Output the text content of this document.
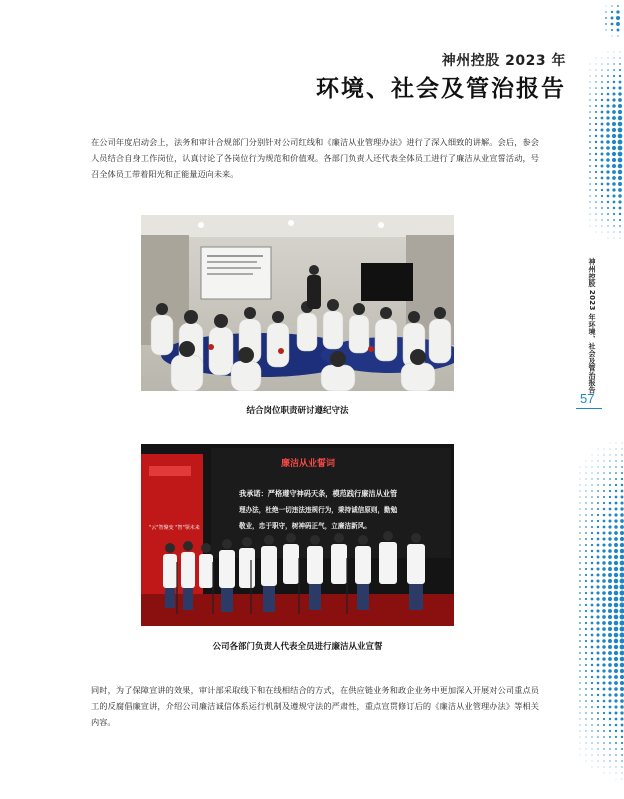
神州控股 2023 年
环境、社会及管治报告

在公司年度启动会上，法务和审计合规部门分别针对公司红线和《廉洁从业管理办法》进行了深入细致的讲解。会后，参会人员结合自身工作岗位，认真讨论了各岗位行为规范和价值观。各部门负责人还代表全体员工进行了廉洁从业宣誓活动，号召全体员工带着阳光和正能量迈向未来。

结合岗位职责研讨遵纪守法
"云"智聚变 "智"领未来
廉洁从业誓词
我承诺：严格遵守神码天条，模范践行廉洁从业管
理办法，杜绝一切违法违规行为，秉持诚信原则，勤勉
敬业，忠于职守，树神码正气，立廉洁新风。
公司各部门负责人代表全员进行廉洁从业宣誓

同时，为了保障宣讲的效果，审计部采取线下和在线相结合的方式，在供应链业务和政企业务中更加深入开展对公司重点员工的反腐倡廉宣讲，介绍公司廉洁诚信体系运行机制及遵规守法的严肃性，重点宣贯修订后的《廉洁从业管理办法》等相关内容。

神州控股 2023 年环境、社会及管治报告
57
